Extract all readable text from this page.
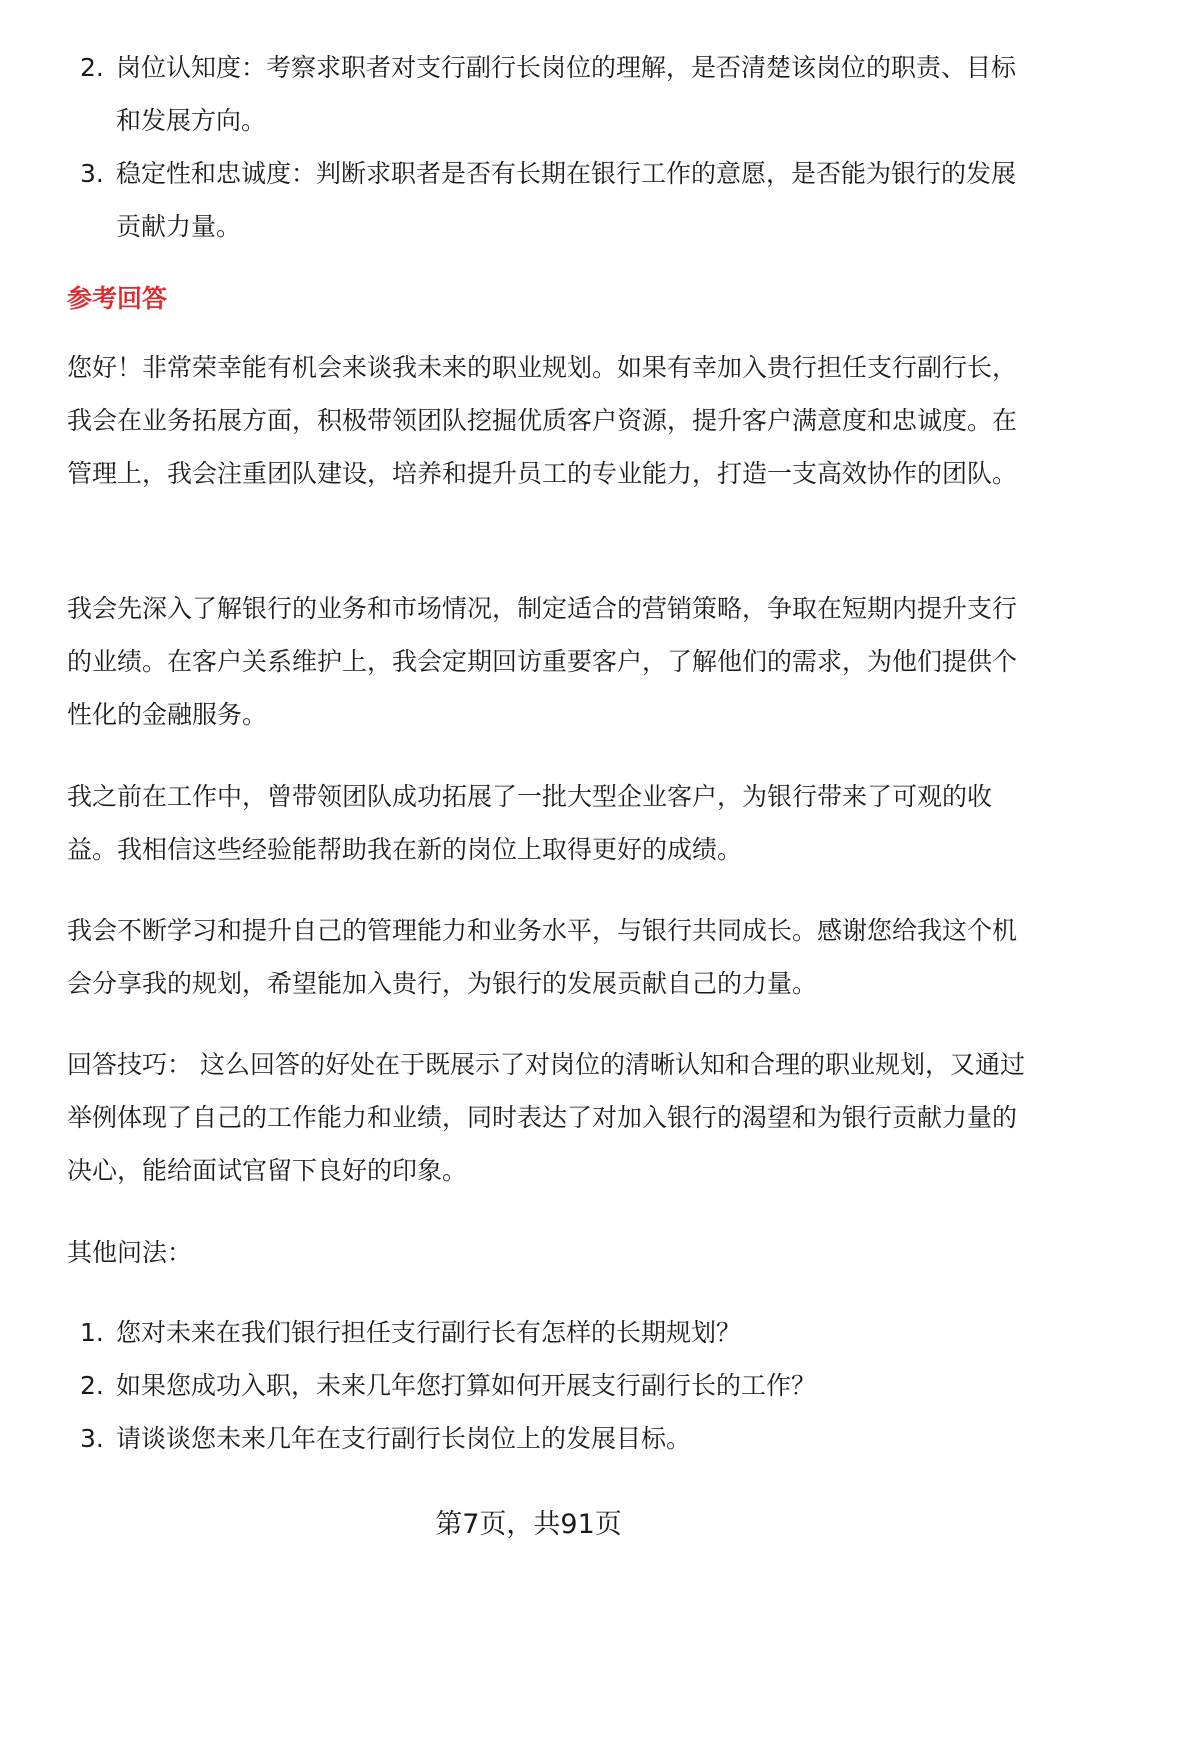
2. 岗位认知度：考察求职者对支行副行长岗位的理解，是否清楚该岗位的职责、目标和发展方向。
3. 稳定性和忠诚度：判断求职者是否有长期在银行工作的意愿，是否能为银行的发展贡献力量。
参考回答

您好！非常荣幸能有机会来谈我未来的职业规划。如果有幸加入贵行担任支行副行长，我会在业务拓展方面，积极带领团队挖掘优质客户资源，提升客户满意度和忠诚度。在管理上，我会注重团队建设，培养和提升员工的专业能力，打造一支高效协作的团队。

我会先深入了解银行的业务和市场情况，制定适合的营销策略，争取在短期内提升支行的业绩。在客户关系维护上，我会定期回访重要客户，了解他们的需求，为他们提供个性化的金融服务。

我之前在工作中，曾带领团队成功拓展了一批大型企业客户，为银行带来了可观的收益。我相信这些经验能帮助我在新的岗位上取得更好的成绩。

我会不断学习和提升自己的管理能力和业务水平，与银行共同成长。感谢您给我这个机会分享我的规划，希望能加入贵行，为银行的发展贡献自己的力量。

回答技巧： 这么回答的好处在于既展示了对岗位的清晰认知和合理的职业规划，又通过举例体现了自己的工作能力和业绩，同时表达了对加入银行的渴望和为银行贡献力量的决心，能给面试官留下良好的印象。

其他问法：

1. 您对未来在我们银行担任支行副行长有怎样的长期规划？
2. 如果您成功入职，未来几年您打算如何开展支行副行长的工作？
3. 请谈谈您未来几年在支行副行长岗位上的发展目标。
第7页，共91页
